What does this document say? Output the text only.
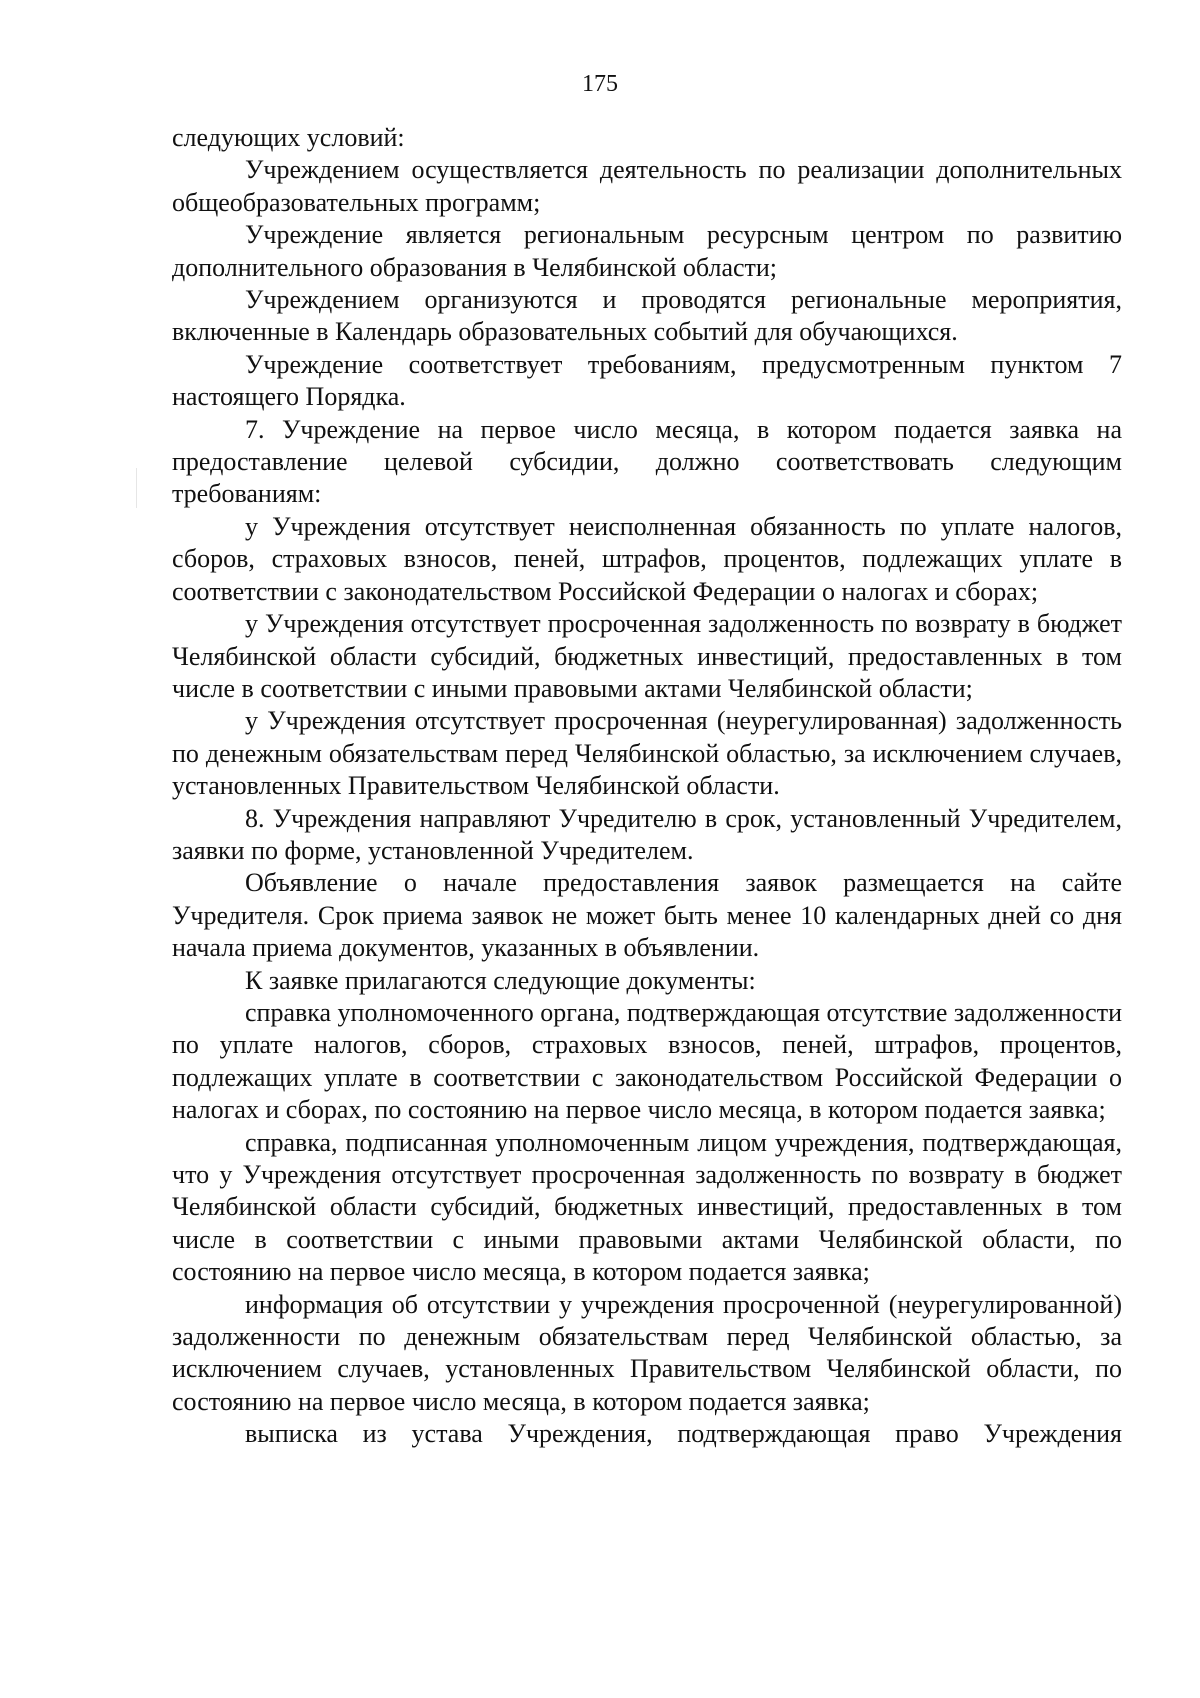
175

следующих условий:

Учреждением осуществляется деятельность по реализации дополнительных общеобразовательных программ;

Учреждение является региональным ресурсным центром по развитию дополнительного образования в Челябинской области;

Учреждением организуются и проводятся региональные мероприятия, включенные в Календарь образовательных событий для обучающихся.

Учреждение соответствует требованиям, предусмотренным пунктом 7 настоящего Порядка.

7. Учреждение на первое число месяца, в котором подается заявка на предоставление целевой субсидии, должно соответствовать следующим требованиям:

у Учреждения отсутствует неисполненная обязанность по уплате налогов, сборов, страховых взносов, пеней, штрафов, процентов, подлежащих уплате в соответствии с законодательством Российской Федерации о налогах и сборах;

у Учреждения отсутствует просроченная задолженность по возврату в бюджет Челябинской области субсидий, бюджетных инвестиций, предоставленных в том числе в соответствии с иными правовыми актами Челябинской области;

у Учреждения отсутствует просроченная (неурегулированная) задолженность по денежным обязательствам перед Челябинской областью, за исключением случаев, установленных Правительством Челябинской области.

8. Учреждения направляют Учредителю в срок, установленный Учредителем, заявки по форме, установленной Учредителем.

Объявление о начале предоставления заявок размещается на сайте Учредителя. Срок приема заявок не может быть менее 10 календарных дней со дня начала приема документов, указанных в объявлении.

К заявке прилагаются следующие документы:

справка уполномоченного органа, подтверждающая отсутствие задолженности по уплате налогов, сборов, страховых взносов, пеней, штрафов, процентов, подлежащих уплате в соответствии с законодательством Российской Федерации о налогах и сборах, по состоянию на первое число месяца, в котором подается заявка;

справка, подписанная уполномоченным лицом учреждения, подтверждающая, что у Учреждения отсутствует просроченная задолженность по возврату в бюджет Челябинской области субсидий, бюджетных инвестиций, предоставленных в том числе в соответствии с иными правовыми актами Челябинской области, по состоянию на первое число месяца, в котором подается заявка;

информация об отсутствии у учреждения просроченной (неурегулированной) задолженности по денежным обязательствам перед Челябинской областью, за исключением случаев, установленных Правительством Челябинской области, по состоянию на первое число месяца, в котором подается заявка;

выписка из устава Учреждения, подтверждающая право Учреждения
